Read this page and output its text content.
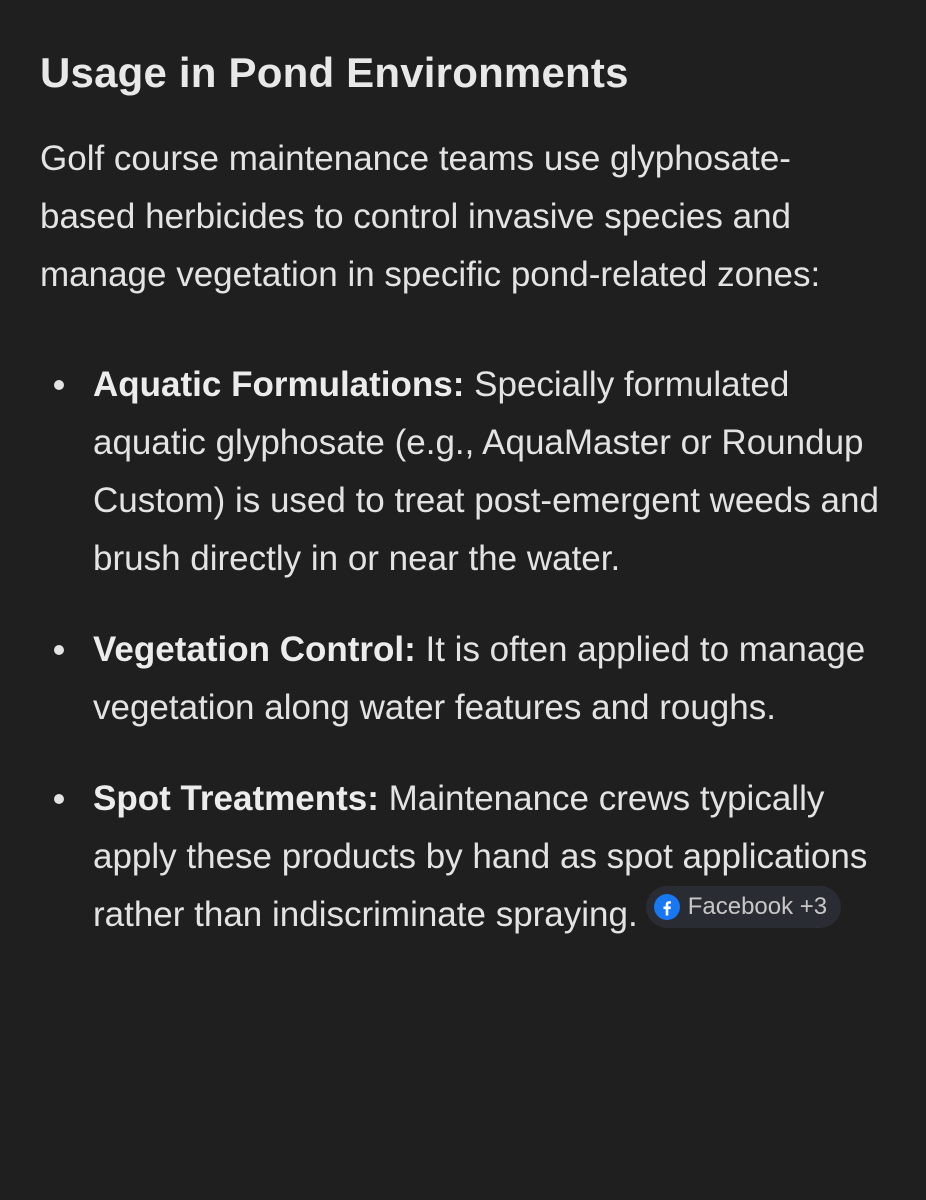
Usage in Pond Environments

Golf course maintenance teams use glyphosate-based herbicides to control invasive species and manage vegetation in specific pond-related zones:

Aquatic Formulations: Specially formulated aquatic glyphosate (e.g., AquaMaster or Roundup Custom) is used to treat post-emergent weeds and brush directly in or near the water.
Vegetation Control: It is often applied to manage vegetation along water features and roughs.
Spot Treatments: Maintenance crews typically apply these products by hand as spot applications rather than indiscriminate spraying. Facebook +3
